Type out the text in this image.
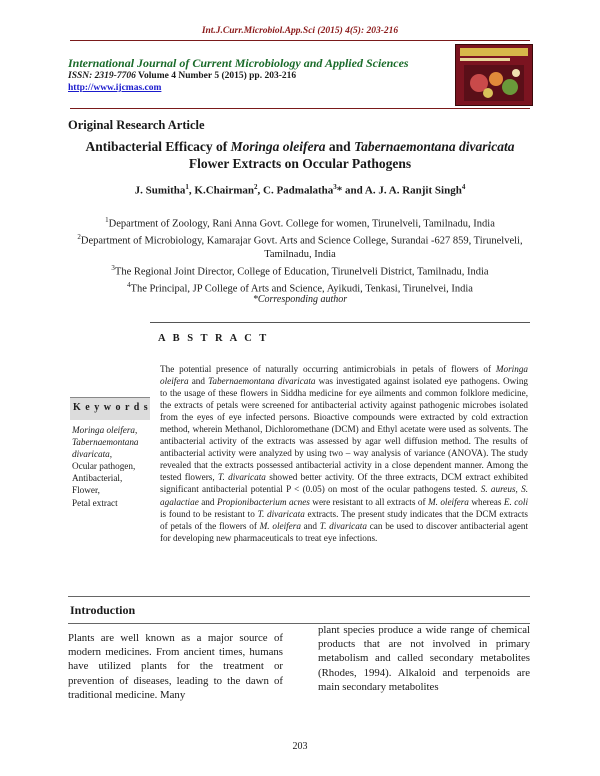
Int.J.Curr.Microbiol.App.Sci (2015) 4(5): 203-216
International Journal of Current Microbiology and Applied Sciences
ISSN: 2319-7706 Volume 4 Number 5 (2015) pp. 203-216
http://www.ijcmas.com
Original Research Article
Antibacterial Efficacy of Moringa oleifera and Tabernaemontana divaricata
Flower Extracts on Occular Pathogens
J. Sumitha$^1$, K.Chairman$^2$, C. Padmalatha$^3$* and A. J. A. Ranjit Singh$^4$
$^1$Department of Zoology, Rani Anna Govt. College for women, Tirunelveli, Tamilnadu, India
$^2$Department of Microbiology, Kamarajar Govt. Arts and Science College, Surandai -627 859, Tirunelveli, Tamilnadu, India
$^3$The Regional Joint Director, College of Education, Tirunelveli District, Tamilnadu, India
$^4$The Principal, JP College of Arts and Science, Ayikudi, Tenkasi, Tirunelvei, India
*Corresponding author
A B S T R A C T
The potential presence of naturally occurring antimicrobials in petals of flowers of Moringa oleifera and Tabernaemontana divaricata was investigated against isolated eye pathogens. Owing to the usage of these flowers in Siddha medicine for eye ailments and common folklore medicine, the extracts of petals were screened for antibacterial activity against pathogenic microbes isolated from the eyes of eye infected persons. Bioactive compounds were extracted by cold extraction method, wherein Methanol, Dichloromethane (DCM) and Ethyl acetate were used as solvents. The antibacterial activity of the extracts was assessed by agar well diffusion method. The results of antibacterial activity were analyzed by using two – way analysis of variance (ANOVA). The study revealed that the extracts possessed antibacterial activity in a close dependent manner. Among the tested flowers, T. divaricata showed better activity. Of the three extracts, DCM extract exhibited significant antibacterial potential P < (0.05) on most of the ocular pathogens tested. S. aureus, S. agalactiae and Propionibacterium acnes were resistant to all extracts of M. oleifera whereas E. coli is found to be resistant to T. divaricata extracts. The present study indicates that the DCM extracts of petals of the flowers of M. oleifera and T. divaricata can be used to discover antibacterial agent for developing new pharmaceuticals to treat eye infections.
K e y w o r d s
Moringa oleifera,
Tabernaemontana
divaricata,
Ocular pathogen,
Antibacterial,
Flower,
Petal extract
Introduction
Plants are well known as a major source of modern medicines. From ancient times, humans have utilized plants for the treatment or prevention of diseases, leading to the dawn of traditional medicine. Many
plant species produce a wide range of chemical products that are not involved in primary metabolism and called secondary metabolites (Rhodes, 1994). Alkaloid and terpenoids are main secondary metabolites
203
